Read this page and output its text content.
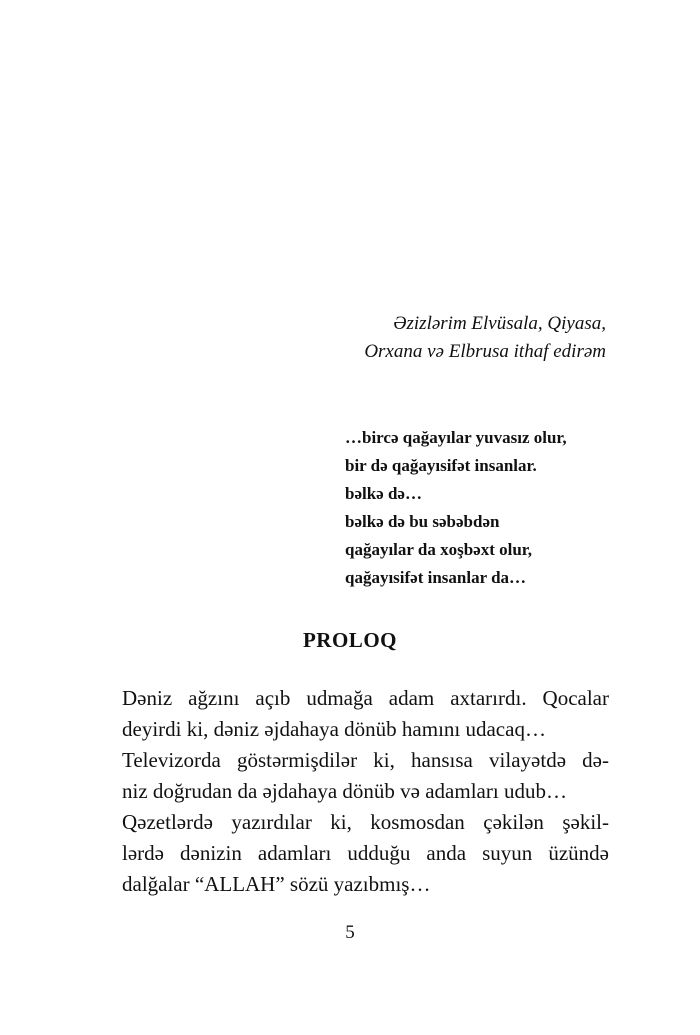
Əzizlərim Elvüsala, Qiyasa,
Orxana və Elbrusa ithaf edirəm
…bircə qağayılar yuvasız olur,
bir də qağayısifət insanlar.
bəlkə də…
bəlkə də bu səbəbdən
qağayılar da xoşbəxt olur,
qağayısifət insanlar da…
PROLOQ
Dəniz ağzını açıb udmağa adam axtarırdı. Qocalar
deyirdi ki, dəniz əjdahaya dönüb hamını udacaq…
Televizorda göstərmişdilər ki, hansısa vilayətdə də-
niz doğrudan da əjdahaya dönüb və adamları udub…
Qəzetlərdə yazırdılar ki, kosmosdan çəkilən şəkil-
lərdə dənizin adamları udduğu anda suyun üzündə
dalğalar “ALLAH” sözü yazıbmış…
5
